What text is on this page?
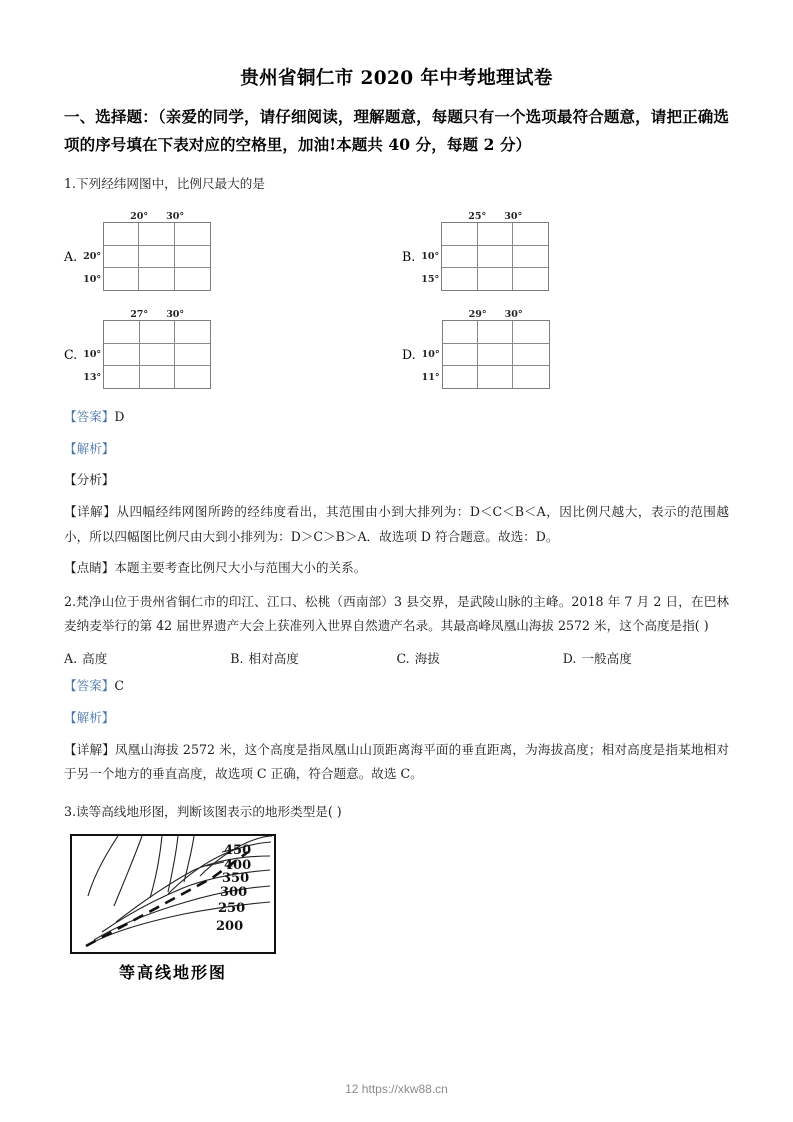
贵州省铜仁市 2020 年中考地理试卷
一、选择题：（亲爱的同学，请仔细阅读，理解题意，每题只有一个选项最符合题意，请把正确选项的序号填在下表对应的空格里，加油!本题共 40 分，每题 2 分）
1.下列经纬网图中，比例尺最大的是
A. 20°
10°
20° 30°
B. 10°
15°
25° 30°
C. 10°
13°
27° 30°
D. 10°
11°
29° 30°
【答案】D
【解析】
【分析】
【详解】从四幅经纬网图所跨的经纬度看出，其范围由小到大排列为：D＜C＜B＜A，因比例尺越大，表示的范围越小，所以四幅图比例尺由大到小排列为：D＞C＞B＞A．故选项 D 符合题意。故选：D。
【点睛】本题主要考查比例尺大小与范围大小的关系。
2.梵净山位于贵州省铜仁市的印江、江口、松桃（西南部）3 县交界，是武陵山脉的主峰。2018 年 7 月 2 日，在巴林麦纳麦举行的第 42 届世界遗产大会上获准列入世界自然遗产名录。其最高峰凤凰山海拔 2572 米，这个高度是指( )
A. 高度	B. 相对高度	C. 海拔	D. 一般高度
【答案】C
【解析】
【详解】凤凰山海拔 2572 米，这个高度是指凤凰山山顶距离海平面的垂直距离，为海拔高度；相对高度是指某地相对于另一个地方的垂直高度，故选项 C 正确，符合题意。故选 C。
3.读等高线地形图，判断该图表示的地形类型是( )
450
400
350
300
250
200
等高线地形图
12 https://xkw88.cn
